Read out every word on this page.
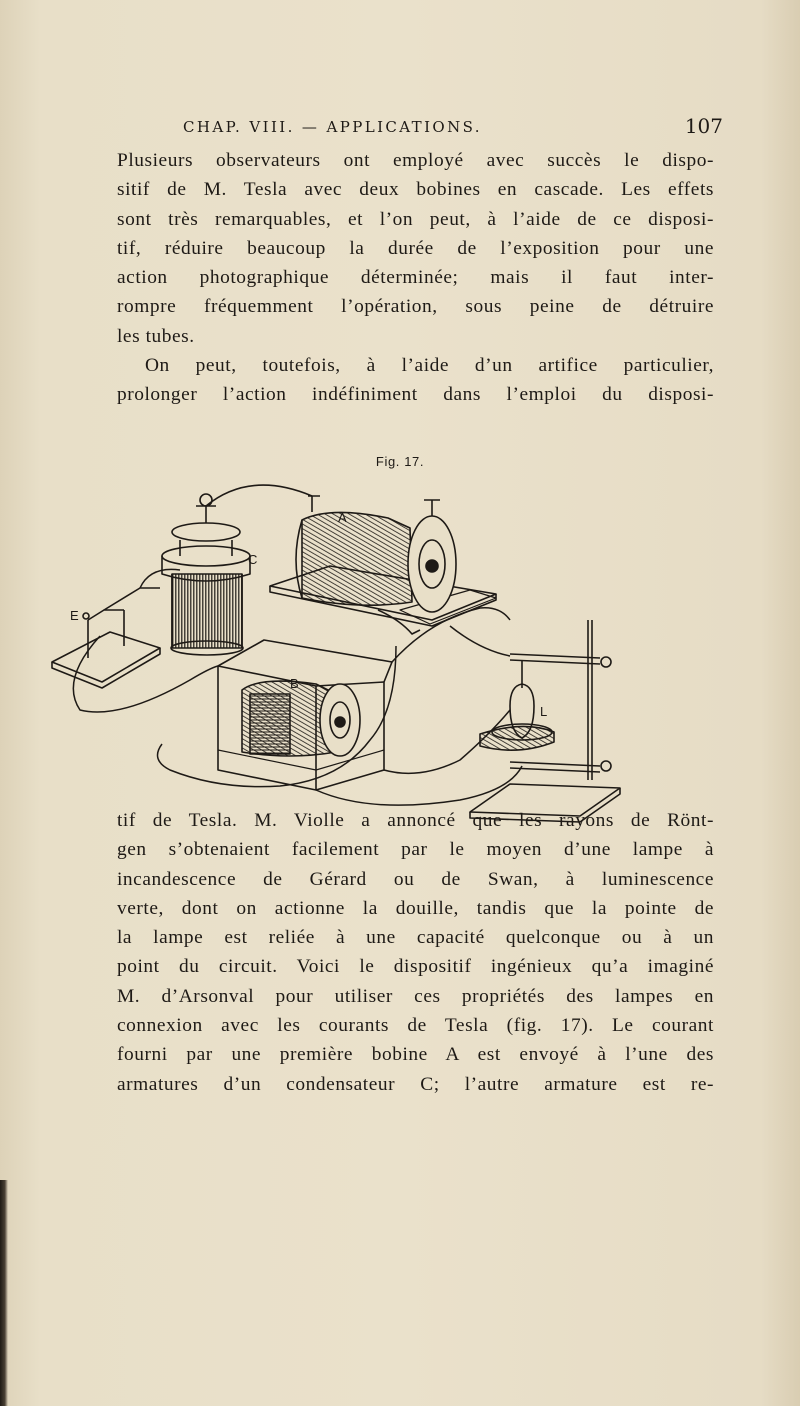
CHAP. VIII. — APPLICATIONS.	107
Plusieurs observateurs ont employé avec succès le dispo-
sitif de M. Tesla avec deux bobines en cascade. Les effets
sont très remarquables, et l’on peut, à l’aide de ce disposi-
tif, réduire beaucoup la durée de l’exposition pour une
action photographique déterminée; mais il faut inter-
rompre fréquemment l’opération, sous peine de détruire
les tubes.
On peut, toutefois, à l’aide d’un artifice particulier,
prolonger l’action indéfiniment dans l’emploi du disposi-
Fig. 17.
A
C
E
B
L
tif de Tesla. M. Violle a annoncé que les rayons de Rönt-
gen s’obtenaient facilement par le moyen d’une lampe à
incandescence de Gérard ou de Swan, à luminescence
verte, dont on actionne la douille, tandis que la pointe de
la lampe est reliée à une capacité quelconque ou à un
point du circuit. Voici le dispositif ingénieux qu’a imaginé
M. d’Arsonval pour utiliser ces propriétés des lampes en
connexion avec les courants de Tesla (fig. 17). Le courant
fourni par une première bobine A est envoyé à l’une des
armatures d’un condensateur C; l’autre armature est re-
